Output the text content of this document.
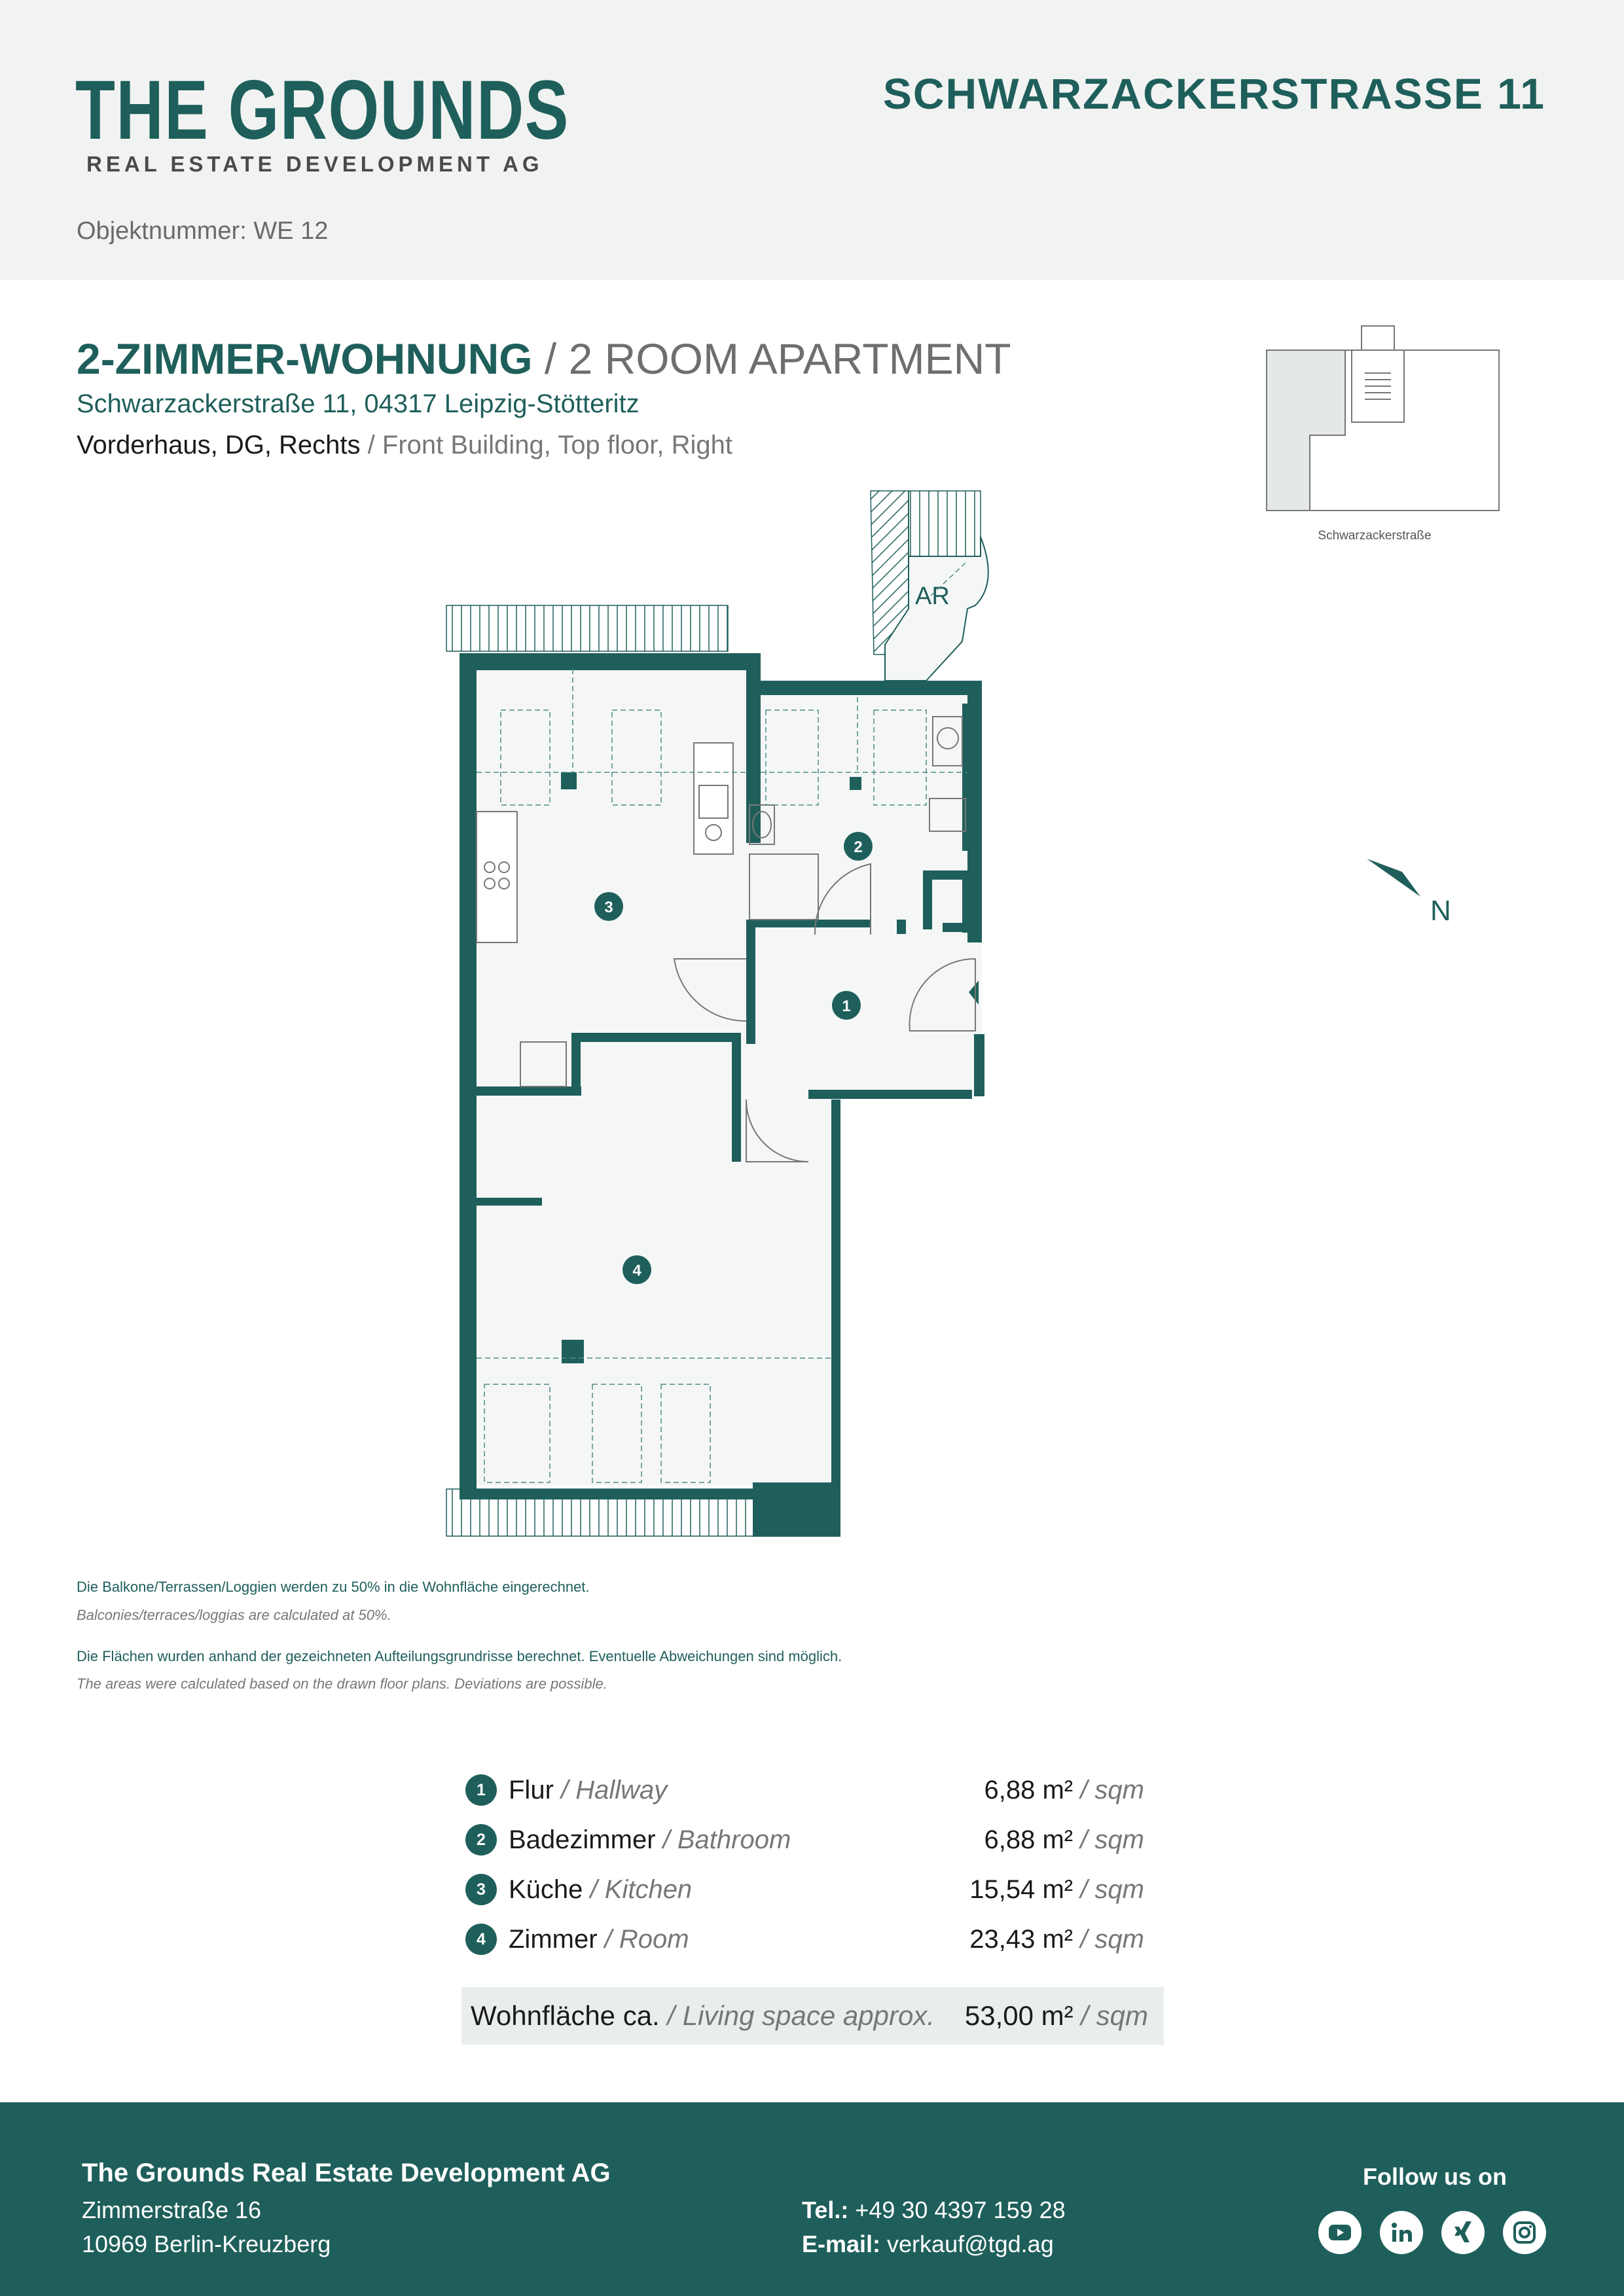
THE GROUNDS
REAL ESTATE DEVELOPMENT AG
SCHWARZACKERSTRASSE 11
Objektnummer: WE 12
2-ZIMMER-WOHNUNG / 2 ROOM APARTMENT
Schwarzackerstraße 11, 04317 Leipzig-Stötteritz
Vorderhaus, DG, Rechts / Front Building, Top floor, Right
Schwarzackerstraße
N
AR
2
3
1
4
Die Balkone/Terrassen/Loggien werden zu 50% in die Wohnfläche eingerechnet.
Balconies/terraces/loggias are calculated at 50%.
Die Flächen wurden anhand der gezeichneten Aufteilungsgrundrisse berechnet. Eventuelle Abweichungen sind möglich.
The areas were calculated based on the drawn floor plans. Deviations are possible.
1 Flur / Hallway	6,88 m² / sqm
2 Badezimmer / Bathroom	6,88 m² / sqm
3 Küche / Kitchen	15,54 m² / sqm
4 Zimmer / Room	23,43 m² / sqm
Wohnfläche ca. / Living space approx. 53,00 m² / sqm
The Grounds Real Estate Development AG
Zimmerstraße 16
10969 Berlin-Kreuzberg
Tel.: +49 30 4397 159 28
E-mail: verkauf@tgd.ag
Follow us on
